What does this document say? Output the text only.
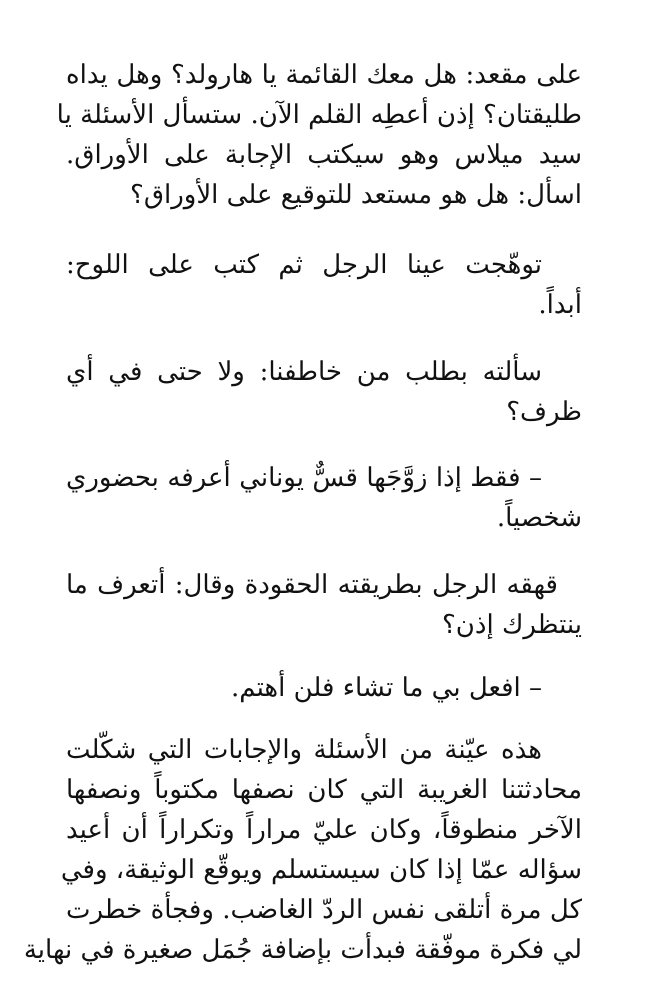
على مقعد: هل معك القائمة يا هارولد؟ وهل يداه
طليقتان؟ إذن أعطِه القلم الآن. ستسأل الأسئلة يا
سيد ميلاس وهو سيكتب الإجابة على الأوراق.
اسأل: هل هو مستعد للتوقيع على الأوراق؟
توهّجت عينا الرجل ثم كتب على اللوح:
أبداً.
سألته بطلب من خاطفنا: ولا حتى في أي
ظرف؟
– فقط إذا زوَّجَها قسٌّ يوناني أعرفه بحضوري
شخصياً.
قهقه الرجل بطريقته الحقودة وقال: أتعرف ما
ينتظرك إذن؟
– افعل بي ما تشاء فلن أهتم.
هذه عيّنة من الأسئلة والإجابات التي شكّلت
محادثتنا الغريبة التي كان نصفها مكتوباً ونصفها
الآخر منطوقاً، وكان عليّ مراراً وتكراراً أن أعيد
سؤاله عمّا إذا كان سيستسلم ويوقّع الوثيقة، وفي
كل مرة أتلقى نفس الردّ الغاضب. وفجأة خطرت
لي فكرة موفّقة فبدأت بإضافة جُمَل صغيرة في نهاية
